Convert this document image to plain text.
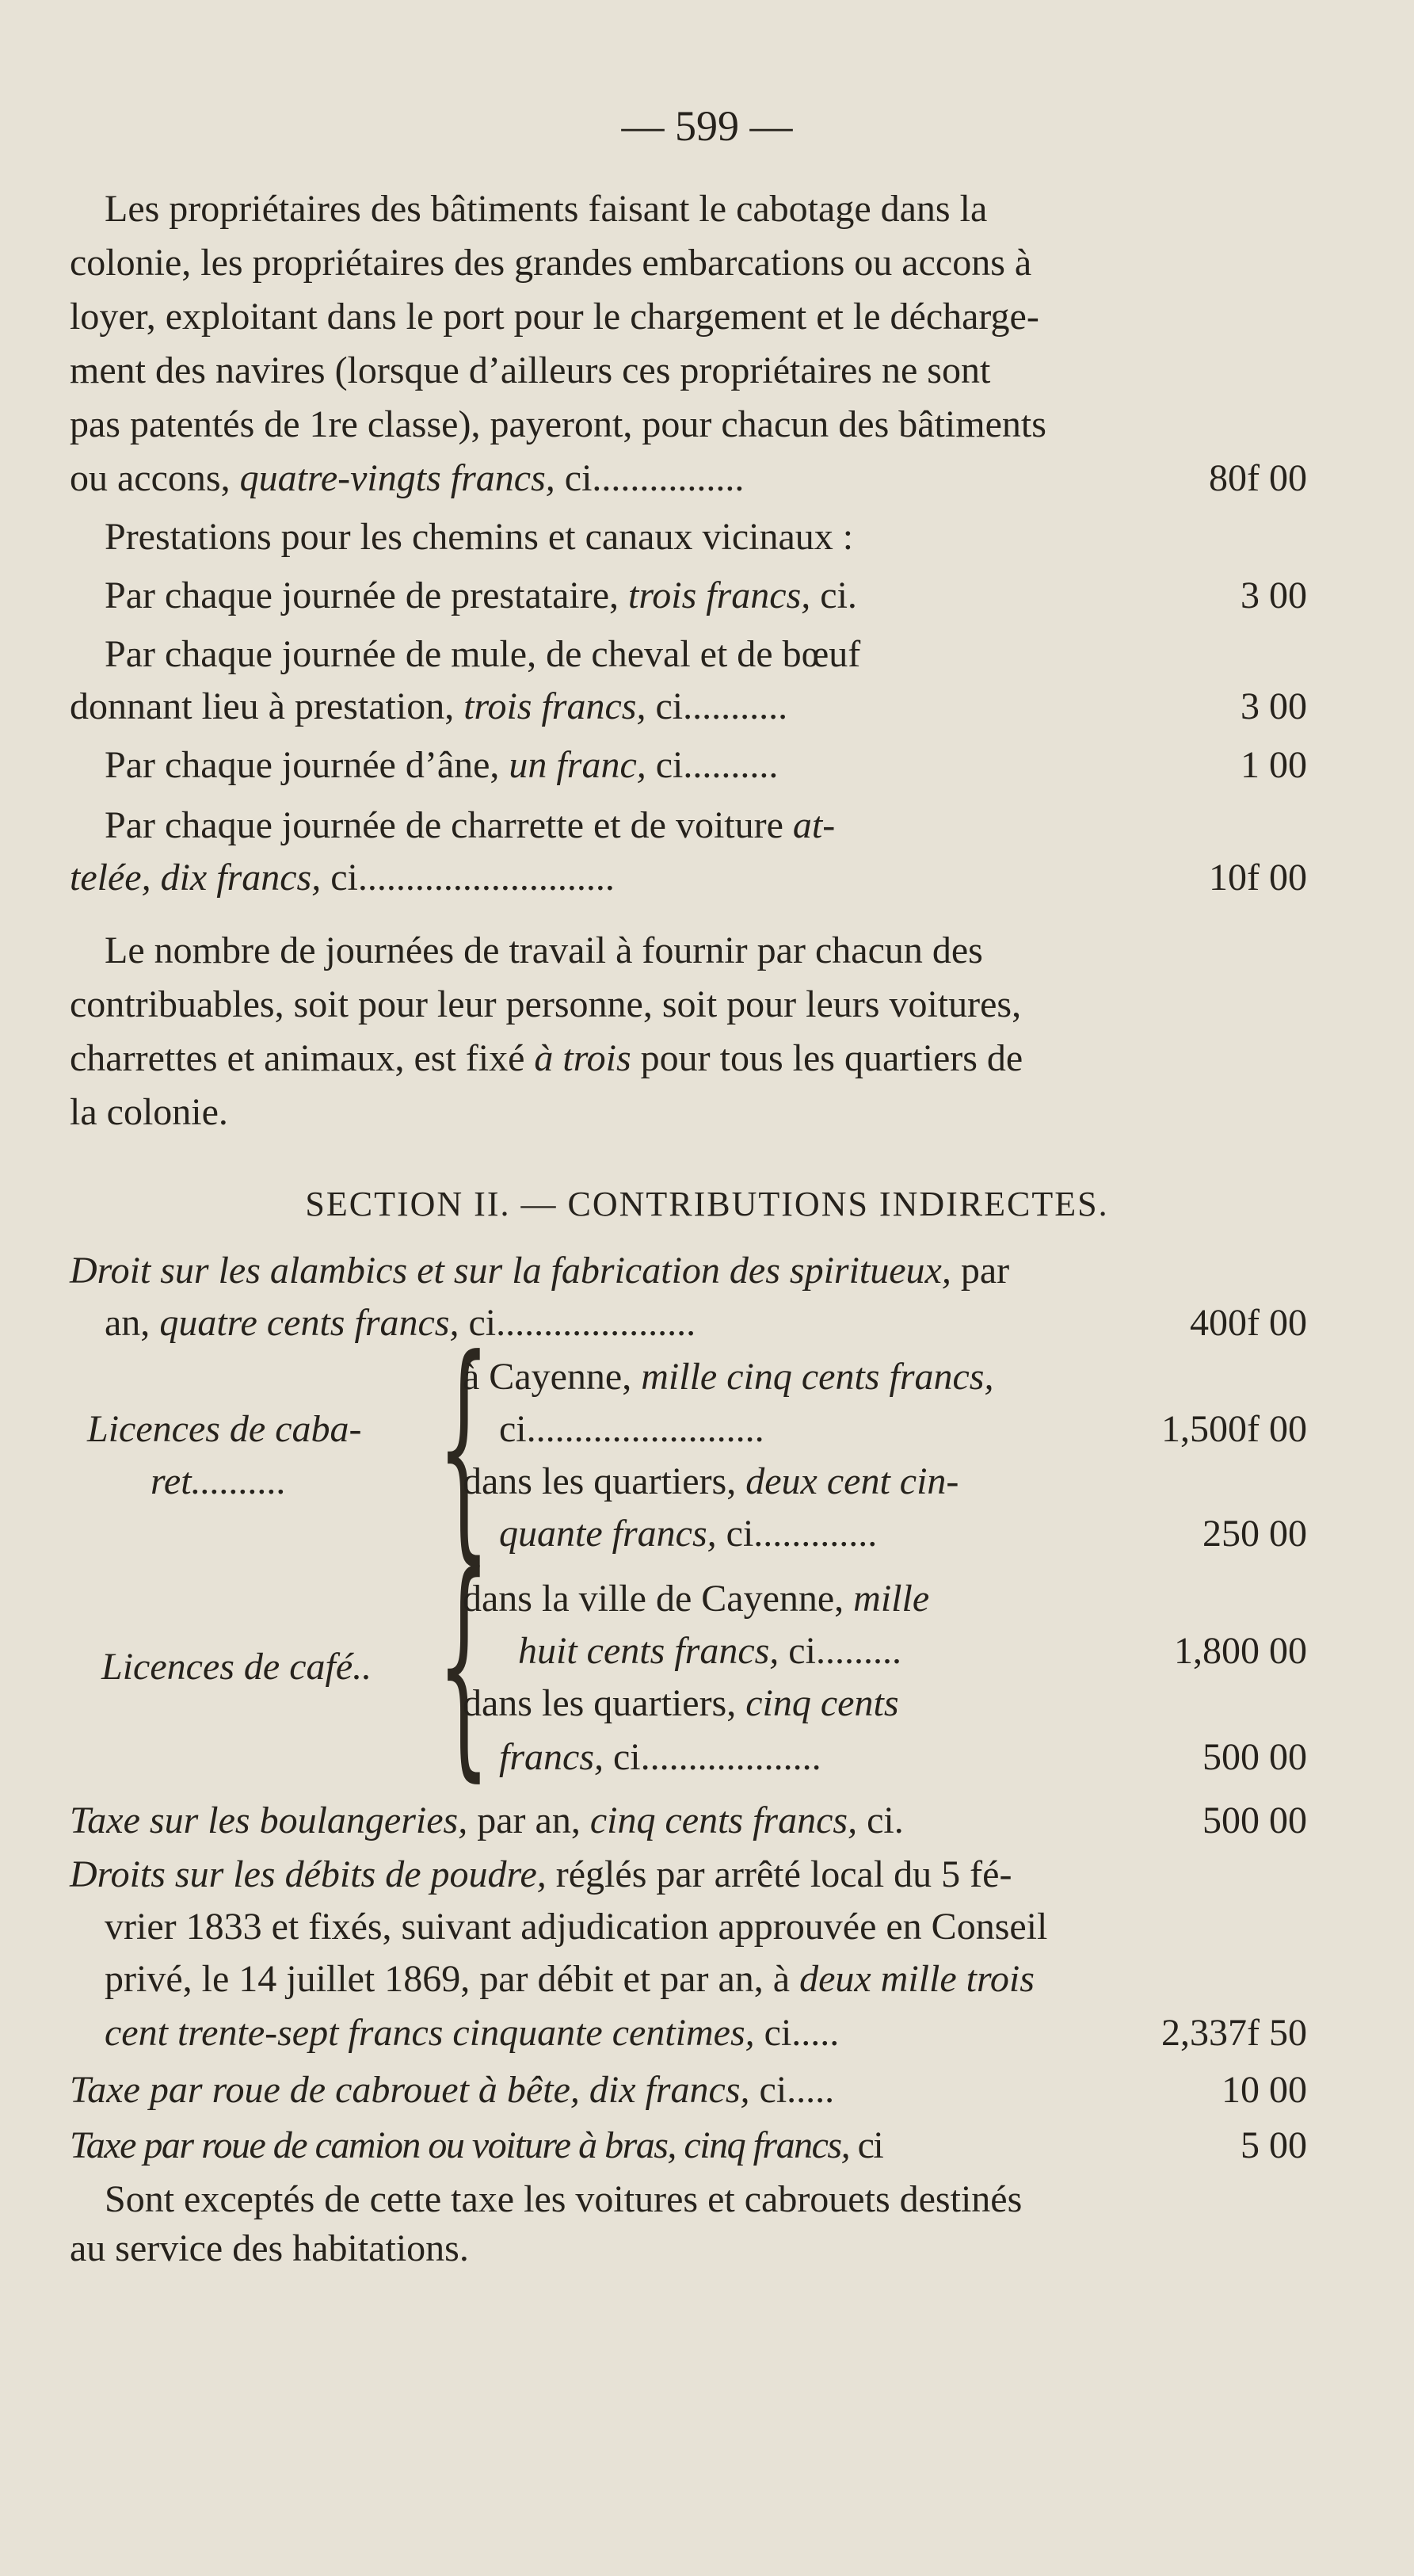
— 599 —
Les propriétaires des bâtiments faisant le cabotage dans la
colonie, les propriétaires des grandes embarcations ou accons à
loyer, exploitant dans le port pour le chargement et le décharge-
ment des navires (lorsque d’ailleurs ces propriétaires ne sont
pas patentés de 1re classe), payeront, pour chacun des bâtiments
ou accons, quatre-vingts francs, ci................	80f 00
Prestations pour les chemins et canaux vicinaux :
Par chaque journée de prestataire, trois francs, ci.	3 00
Par chaque journée de mule, de cheval et de bœuf
donnant lieu à prestation, trois francs, ci...........	3 00
Par chaque journée d’âne, un franc, ci..........	1 00
Par chaque journée de charrette et de voiture at-
telée, dix francs, ci...........................	10f 00
Le nombre de journées de travail à fournir par chacun des
contribuables, soit pour leur personne, soit pour leurs voitures,
charrettes et animaux, est fixé à trois pour tous les quartiers de
la colonie.
SECTION II. — CONTRIBUTIONS INDIRECTES.
Droit sur les alambics et sur la fabrication des spiritueux, par
an, quatre cents francs, ci.....................	400f 00
Licences de caba-
ret.......... {
à Cayenne, mille cinq cents francs,
ci.........................	1,500f 00
dans les quartiers, deux cent cin-
quante francs, ci.............	250 00
Licences de café.. {
dans la ville de Cayenne, mille
huit cents francs, ci.........	1,800 00
dans les quartiers, cinq cents
francs, ci...................	500 00
Taxe sur les boulangeries, par an, cinq cents francs, ci.	500 00
Droits sur les débits de poudre, réglés par arrêté local du 5 fé-
vrier 1833 et fixés, suivant adjudication approuvée en Conseil
privé, le 14 juillet 1869, par débit et par an, à deux mille trois
cent trente-sept francs cinquante centimes, ci.....	2,337f 50
Taxe par roue de cabrouet à bête, dix francs, ci.....	10 00
Taxe par roue de camion ou voiture à bras, cinq francs, ci	5 00
Sont exceptés de cette taxe les voitures et cabrouets destinés
au service des habitations.
